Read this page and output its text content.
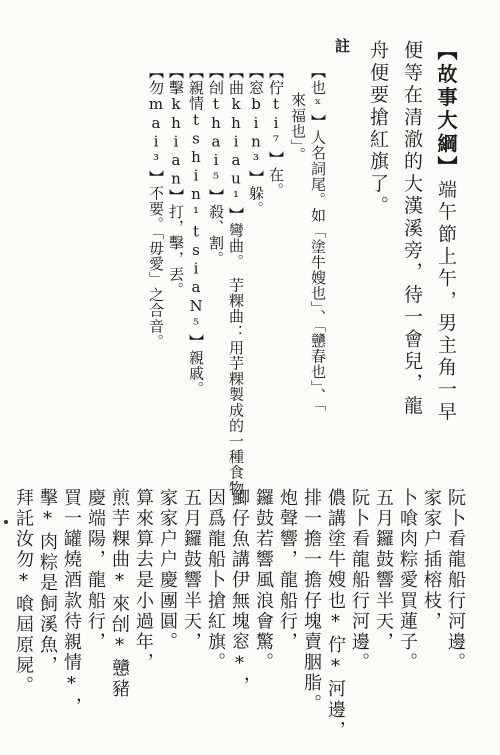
【故事大綱】端午節上午，男主角一早
便等在清澈的大漢溪旁，待一會兒，龍
舟便要搶紅旗了。
註
【也ˣ】人名詞尾。如「塗牛嫂也」、「戇春也」、「
來福也」。
【佇ti⁷】在。
【窓bin³】躲。
【曲khiau¹】彎曲。　芋粿曲：用芋粿製成的一種食物。
【刣thai⁵】殺、割。
【親情tshin¹tsiaN⁵】親戚。
【擊khian】打，擊，丟。
【勿mai³】不要。「毋愛」之合音。
阮卜看龍船行河邊。
家家户插榕枝，
卜喰肉粽愛買蓮子。
五月鑼鼓響半天，
阮卜看龍船行河邊。
儂講塗牛嫂也*佇*河邊，
排一擔一擔仔塊賣胭脂。
炮聲響，龍船行，
鑼鼓若響風浪會驚。
鯽仔魚講伊無塊窓*，
因爲龍船卜搶紅旗。
五月鑼鼓響半天，
家家户户慶團圓。
算來算去是小過年，
煎芋粿曲*來刣*戇豬
慶端陽，龍船行，
買一罐燒酒款待親情*，
擊*肉粽是飼溪魚，
拜託汝勿*喰屆原屍。
